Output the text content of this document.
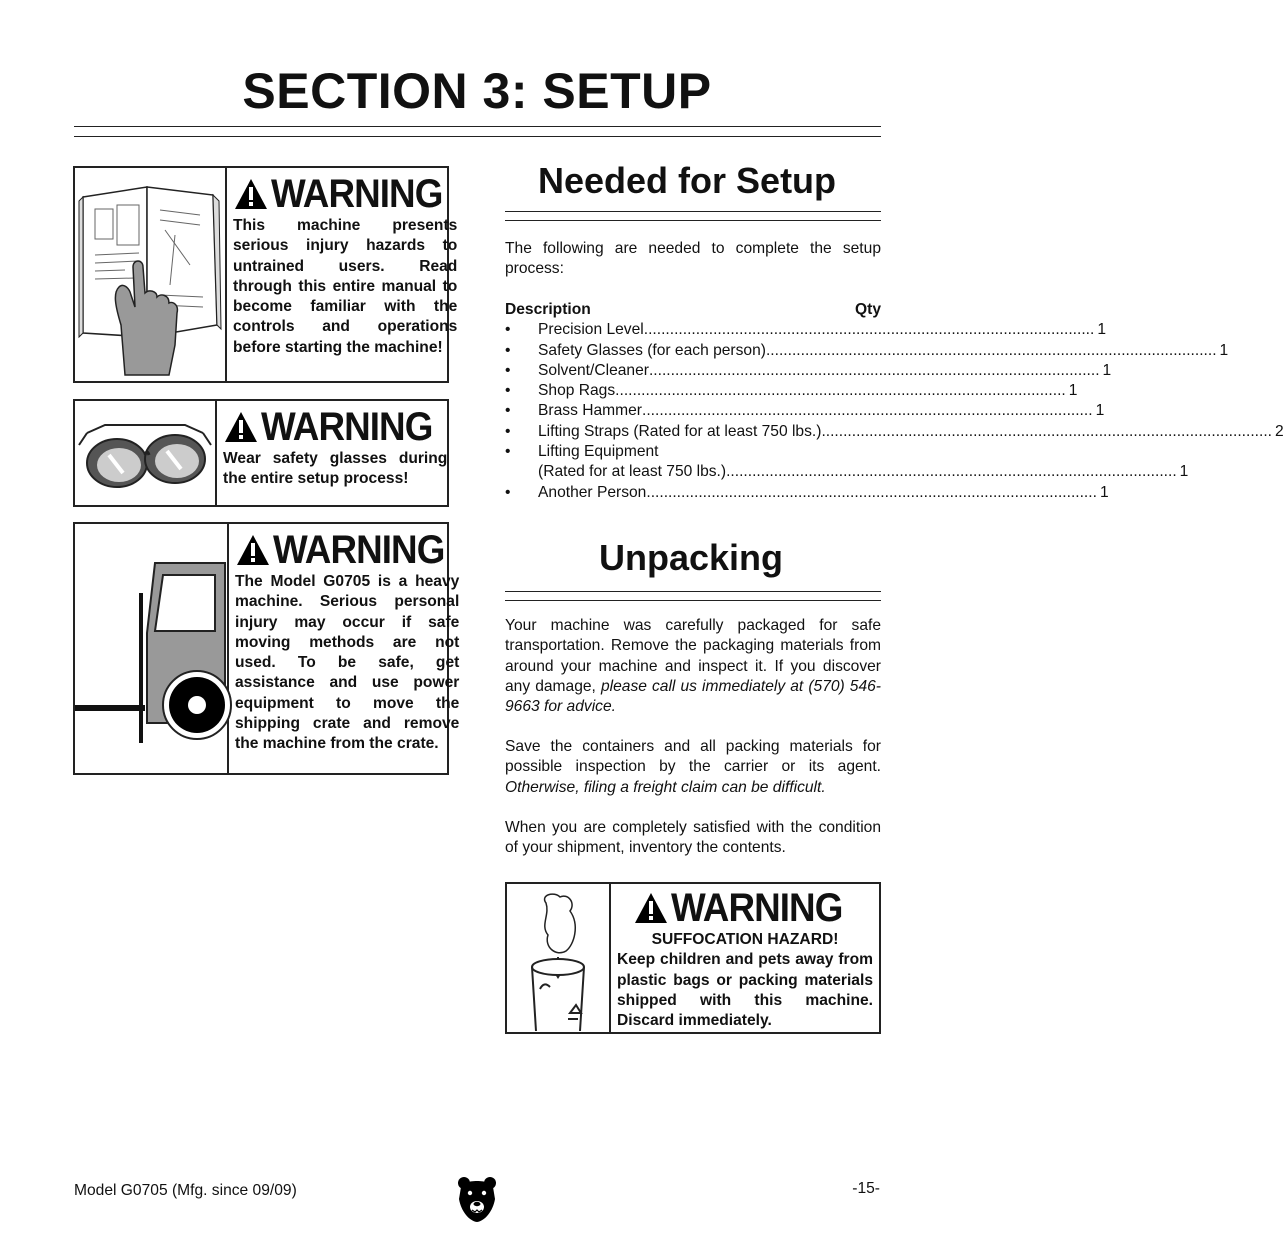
SECTION 3: SETUP
WARNING
This machine presents serious injury hazards to untrained users. Read through this entire manual to become familiar with the controls and operations before starting the machine!
WARNING
Wear safety glasses during the entire setup process!
WARNING
The Model G0705 is a heavy machine. Serious personal injury may occur if safe moving methods are not used. To be safe, get assistance and use power equipment to move the shipping crate and remove the machine from the crate.
Needed for Setup
The following are needed to complete the setup process:
Description	Qty
•	Precision Level .....	1
•	Safety Glasses (for each person) .....	1
•	Solvent/Cleaner .....	1
•	Shop Rags .....	1
•	Brass Hammer .....	1
•	Lifting Straps (Rated for at least 750 lbs.) .....	2
•	Lifting Equipment
(Rated for at least 750 lbs.) .....	1
•	Another Person .....	1
Unpacking
Your machine was carefully packaged for safe transportation. Remove the packaging materials from around your machine and inspect it. If you discover any damage, please call us immediately at (570) 546-9663 for advice.
Save the containers and all packing materials for possible inspection by the carrier or its agent. Otherwise, filing a freight claim can be difficult.
When you are completely satisfied with the condition of your shipment, inventory the contents.
WARNING
SUFFOCATION HAZARD!
Keep children and pets away from plastic bags or packing materials shipped with this machine. Discard immediately.
Model G0705 (Mfg. since 09/09)	-15-
